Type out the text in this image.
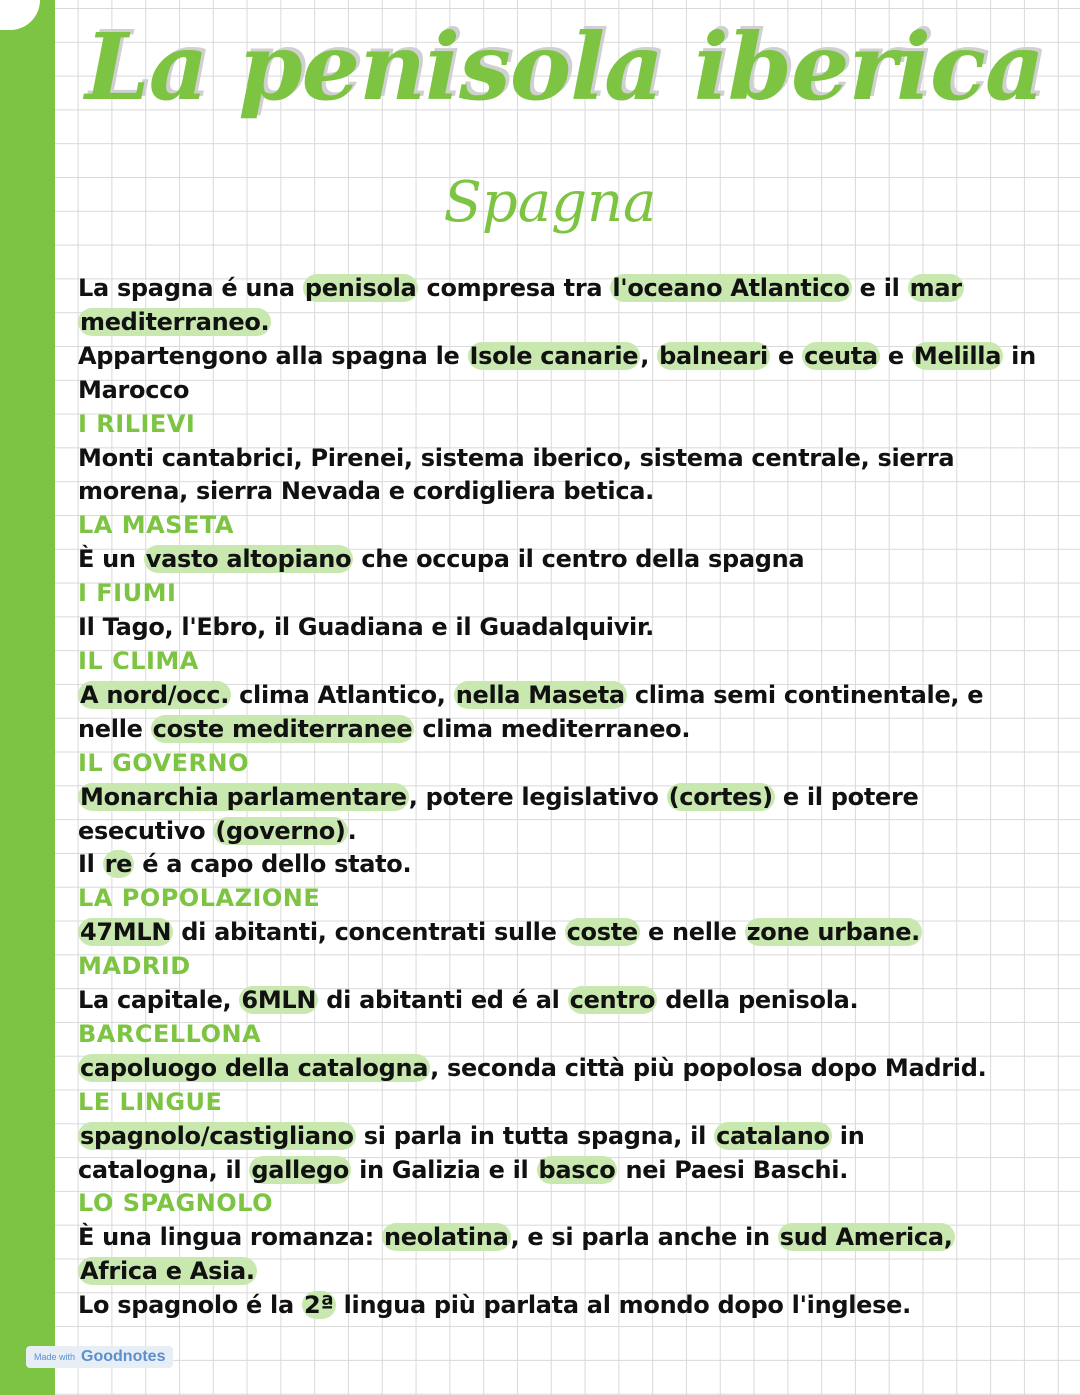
La penisola iberica
Spagna

La spagna é una penisola compresa tra l'oceano Atlantico e il mar

mediterraneo.

Appartengono alla spagna le Isole canarie, balneari e ceuta e Melilla in

Marocco

I RILIEVI

Monti cantabrici, Pirenei, sistema iberico, sistema centrale, sierra

morena, sierra Nevada e cordigliera betica.

LA MASETA

È un vasto altopiano che occupa il centro della spagna

I FIUMI

Il Tago, l'Ebro, il Guadiana e il Guadalquivir.

IL CLIMA

A nord/occ. clima Atlantico, nella Maseta clima semi continentale, e

nelle coste mediterranee clima mediterraneo.

IL GOVERNO

Monarchia parlamentare, potere legislativo (cortes) e il potere

esecutivo (governo).

Il re é a capo dello stato.

LA POPOLAZIONE

47MLN di abitanti, concentrati sulle coste e nelle zone urbane.

MADRID

La capitale, 6MLN di abitanti ed é al centro della penisola.

BARCELLONA

capoluogo della catalogna, seconda città più popolosa dopo Madrid.

LE LINGUE

spagnolo/castigliano si parla in tutta spagna, il catalano in

catalogna, il gallego in Galizia e il basco nei Paesi Baschi.

LO SPAGNOLO

È una lingua romanza: neolatina, e si parla anche in sud America,

Africa e Asia.

Lo spagnolo é la 2ª lingua più parlata al mondo dopo l'inglese.

Made with Goodnotes
